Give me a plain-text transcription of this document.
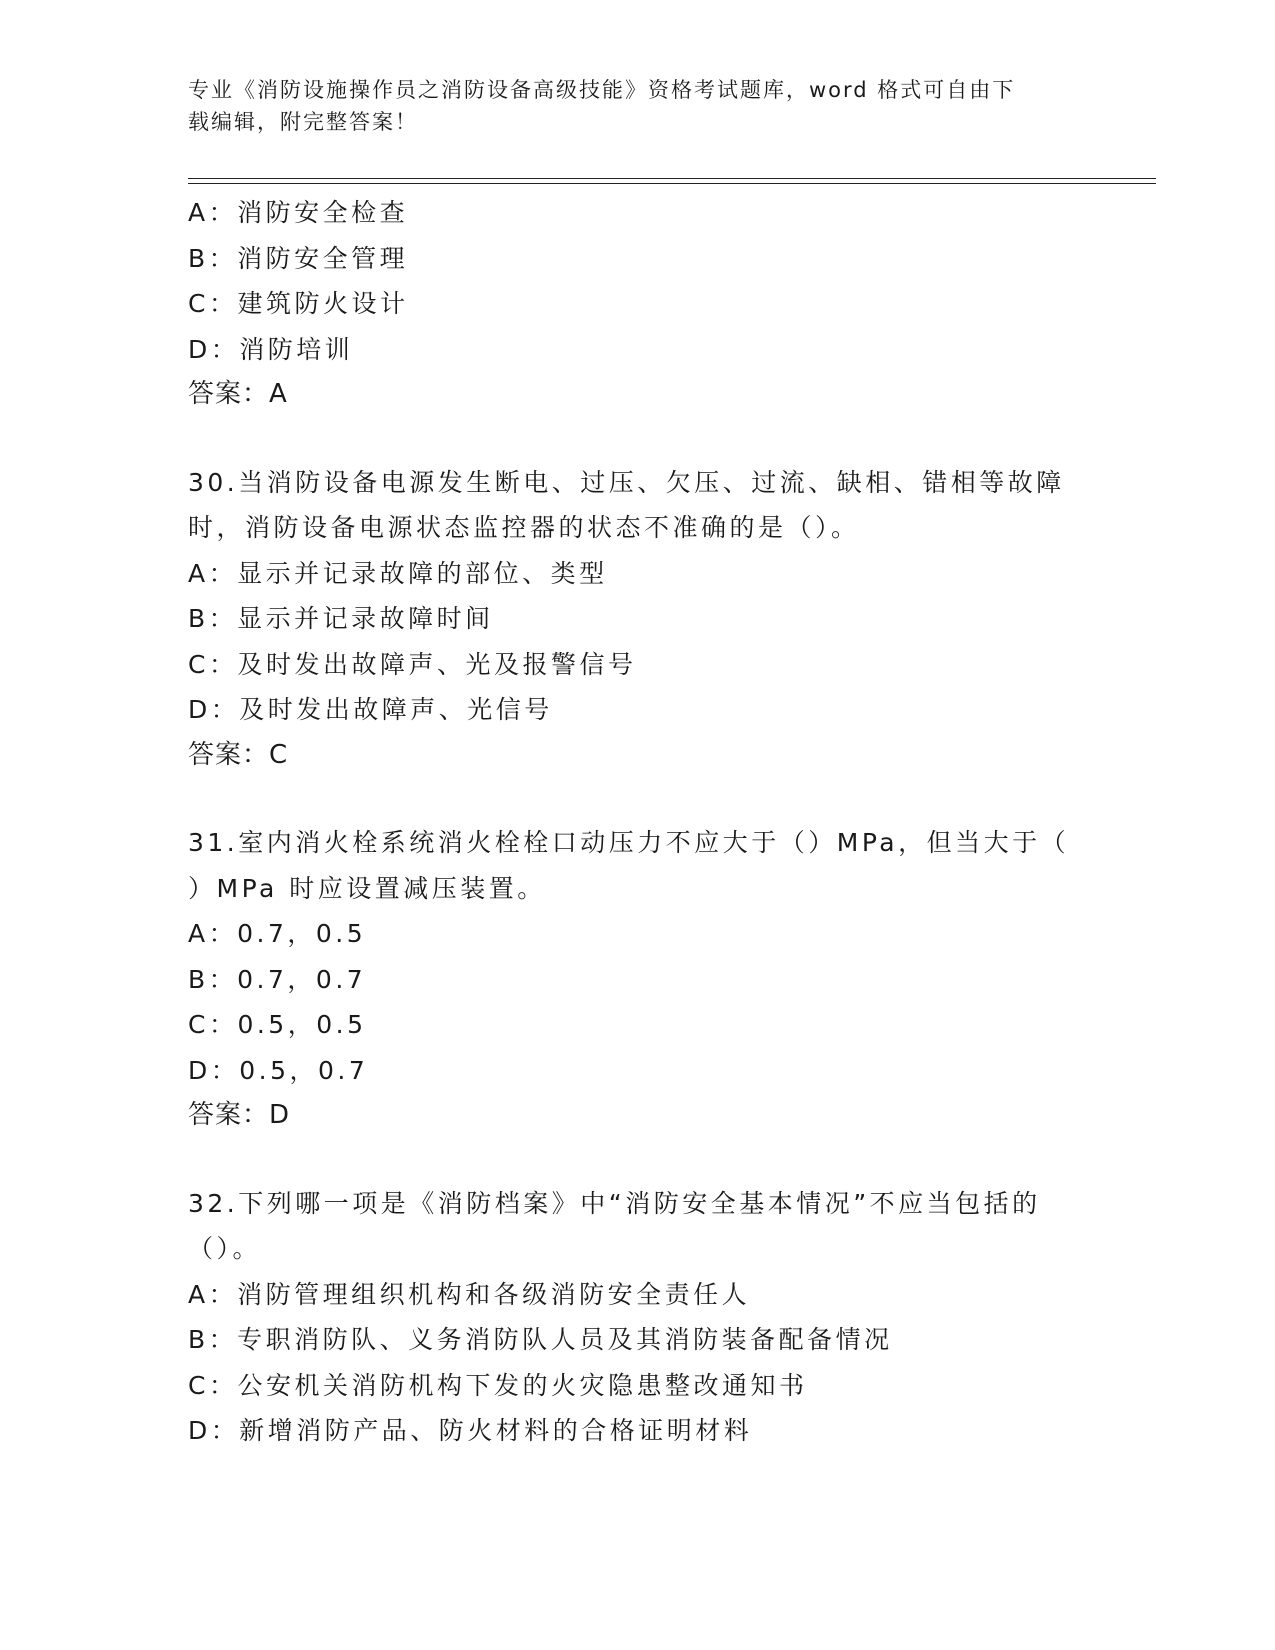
专业《消防设施操作员之消防设备高级技能》资格考试题库，word 格式可自由下
载编辑，附完整答案！
A：消防安全检查
B：消防安全管理
C：建筑防火设计
D：消防培训
答案：A
30.当消防设备电源发生断电、过压、欠压、过流、缺相、错相等故障
时，消防设备电源状态监控器的状态不准确的是（）。
A：显示并记录故障的部位、类型
B：显示并记录故障时间
C：及时发出故障声、光及报警信号
D：及时发出故障声、光信号
答案：C
31.室内消火栓系统消火栓栓口动压力不应大于（）MPa，但当大于（
）MPa 时应设置减压装置。
A：0.7，0.5
B：0.7，0.7
C：0.5，0.5
D：0.5，0.7
答案：D
32.下列哪一项是《消防档案》中“消防安全基本情况”不应当包括的
（）。
A：消防管理组织机构和各级消防安全责任人
B：专职消防队、义务消防队人员及其消防装备配备情况
C：公安机关消防机构下发的火灾隐患整改通知书
D：新增消防产品、防火材料的合格证明材料
